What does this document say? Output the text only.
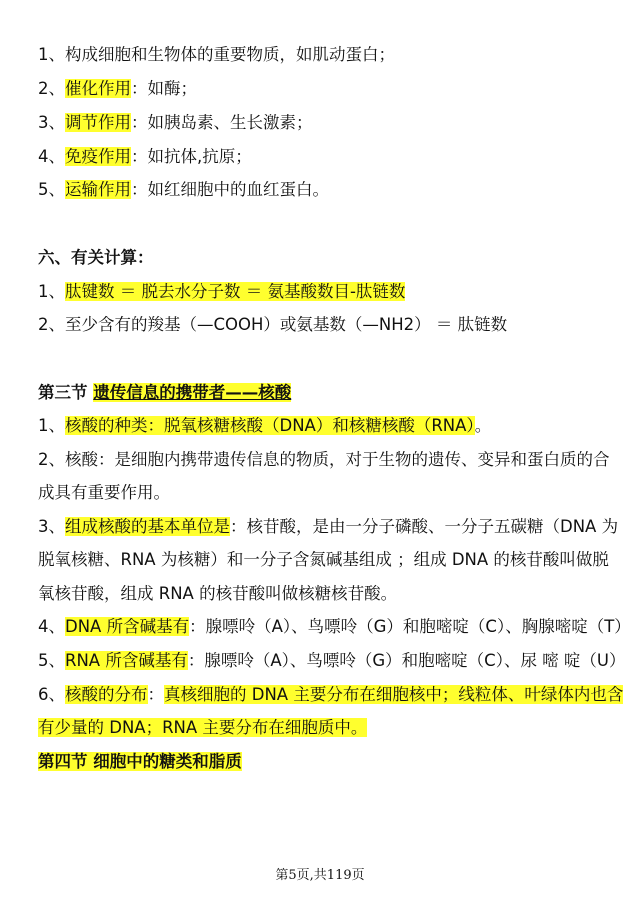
1、构成细胞和生物体的重要物质，如肌动蛋白；
2、催化作用：如酶；
3、调节作用：如胰岛素、生长激素；
4、免疫作用：如抗体,抗原；
5、运输作用：如红细胞中的血红蛋白。
六、有关计算：
1、肽键数 ＝ 脱去水分子数 ＝ 氨基酸数目-肽链数
2、至少含有的羧基（—COOH）或氨基数（—NH2） ＝ 肽链数
第三节 遗传信息的携带者——核酸
1、核酸的种类：脱氧核糖核酸（DNA）和核糖核酸（RNA）。
2、核酸：是细胞内携带遗传信息的物质，对于生物的遗传、变异和蛋白质的合
成具有重要作用。
3、组成核酸的基本单位是：核苷酸，是由一分子磷酸、一分子五碳糖（DNA 为
脱氧核糖、RNA 为核糖）和一分子含氮碱基组成 ；组成 DNA 的核苷酸叫做脱
氧核苷酸，组成 RNA 的核苷酸叫做核糖核苷酸。
4、DNA 所含碱基有：腺嘌呤（A）、鸟嘌呤（G）和胞嘧啶（C）、胸腺嘧啶（T）
5、RNA 所含碱基有：腺嘌呤（A）、鸟嘌呤（G）和胞嘧啶（C）、尿 嘧 啶（U）
6、核酸的分布：真核细胞的 DNA 主要分布在细胞核中；线粒体、叶绿体内也含
有少量的 DNA；RNA 主要分布在细胞质中。
第四节 细胞中的糖类和脂质
第5页,共119页
